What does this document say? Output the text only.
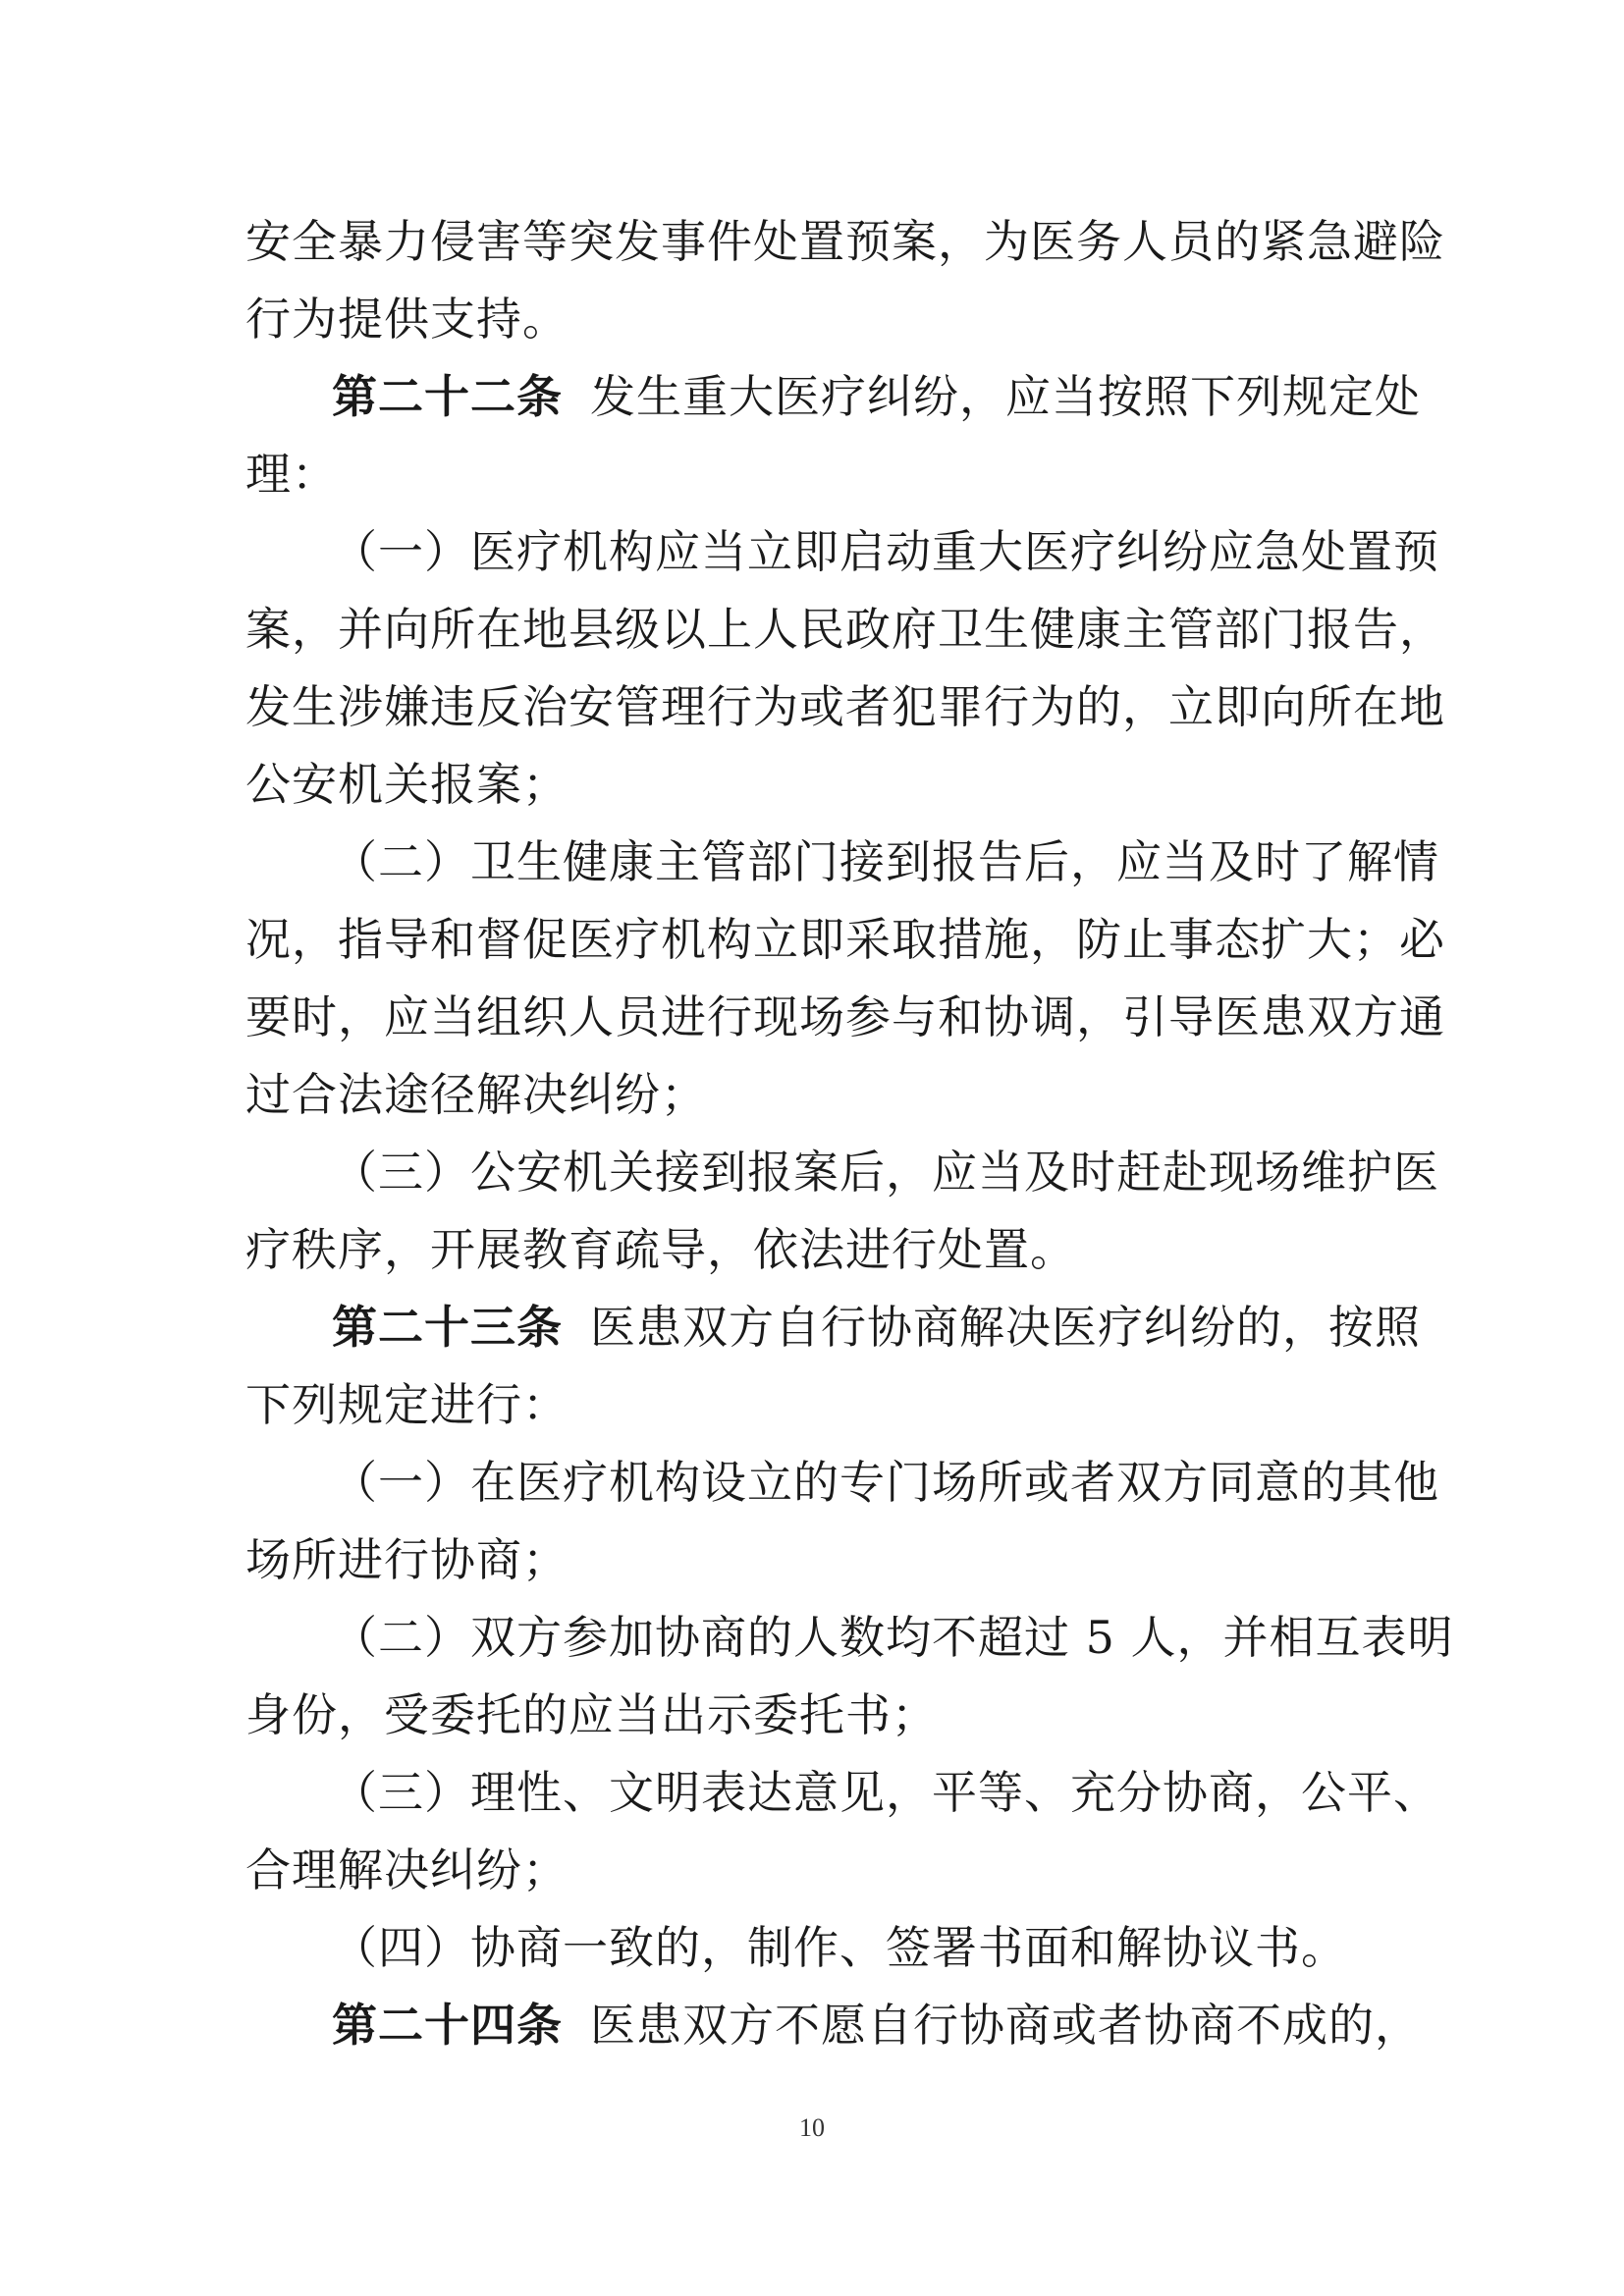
安全暴力侵害等突发事件处置预案，为医务人员的紧急避险
行为提供支持。
第二十二条 发生重大医疗纠纷，应当按照下列规定处
理：
（一）医疗机构应当立即启动重大医疗纠纷应急处置预
案，并向所在地县级以上人民政府卫生健康主管部门报告，
发生涉嫌违反治安管理行为或者犯罪行为的，立即向所在地
公安机关报案；
（二）卫生健康主管部门接到报告后，应当及时了解情
况，指导和督促医疗机构立即采取措施，防止事态扩大；必
要时，应当组织人员进行现场参与和协调，引导医患双方通
过合法途径解决纠纷；
（三）公安机关接到报案后，应当及时赶赴现场维护医
疗秩序，开展教育疏导，依法进行处置。
第二十三条 医患双方自行协商解决医疗纠纷的，按照
下列规定进行：
（一）在医疗机构设立的专门场所或者双方同意的其他
场所进行协商；
（二）双方参加协商的人数均不超过 5 人，并相互表明
身份，受委托的应当出示委托书；
（三）理性、文明表达意见，平等、充分协商，公平、
合理解决纠纷；
（四）协商一致的，制作、签署书面和解协议书。
第二十四条 医患双方不愿自行协商或者协商不成的，
10
